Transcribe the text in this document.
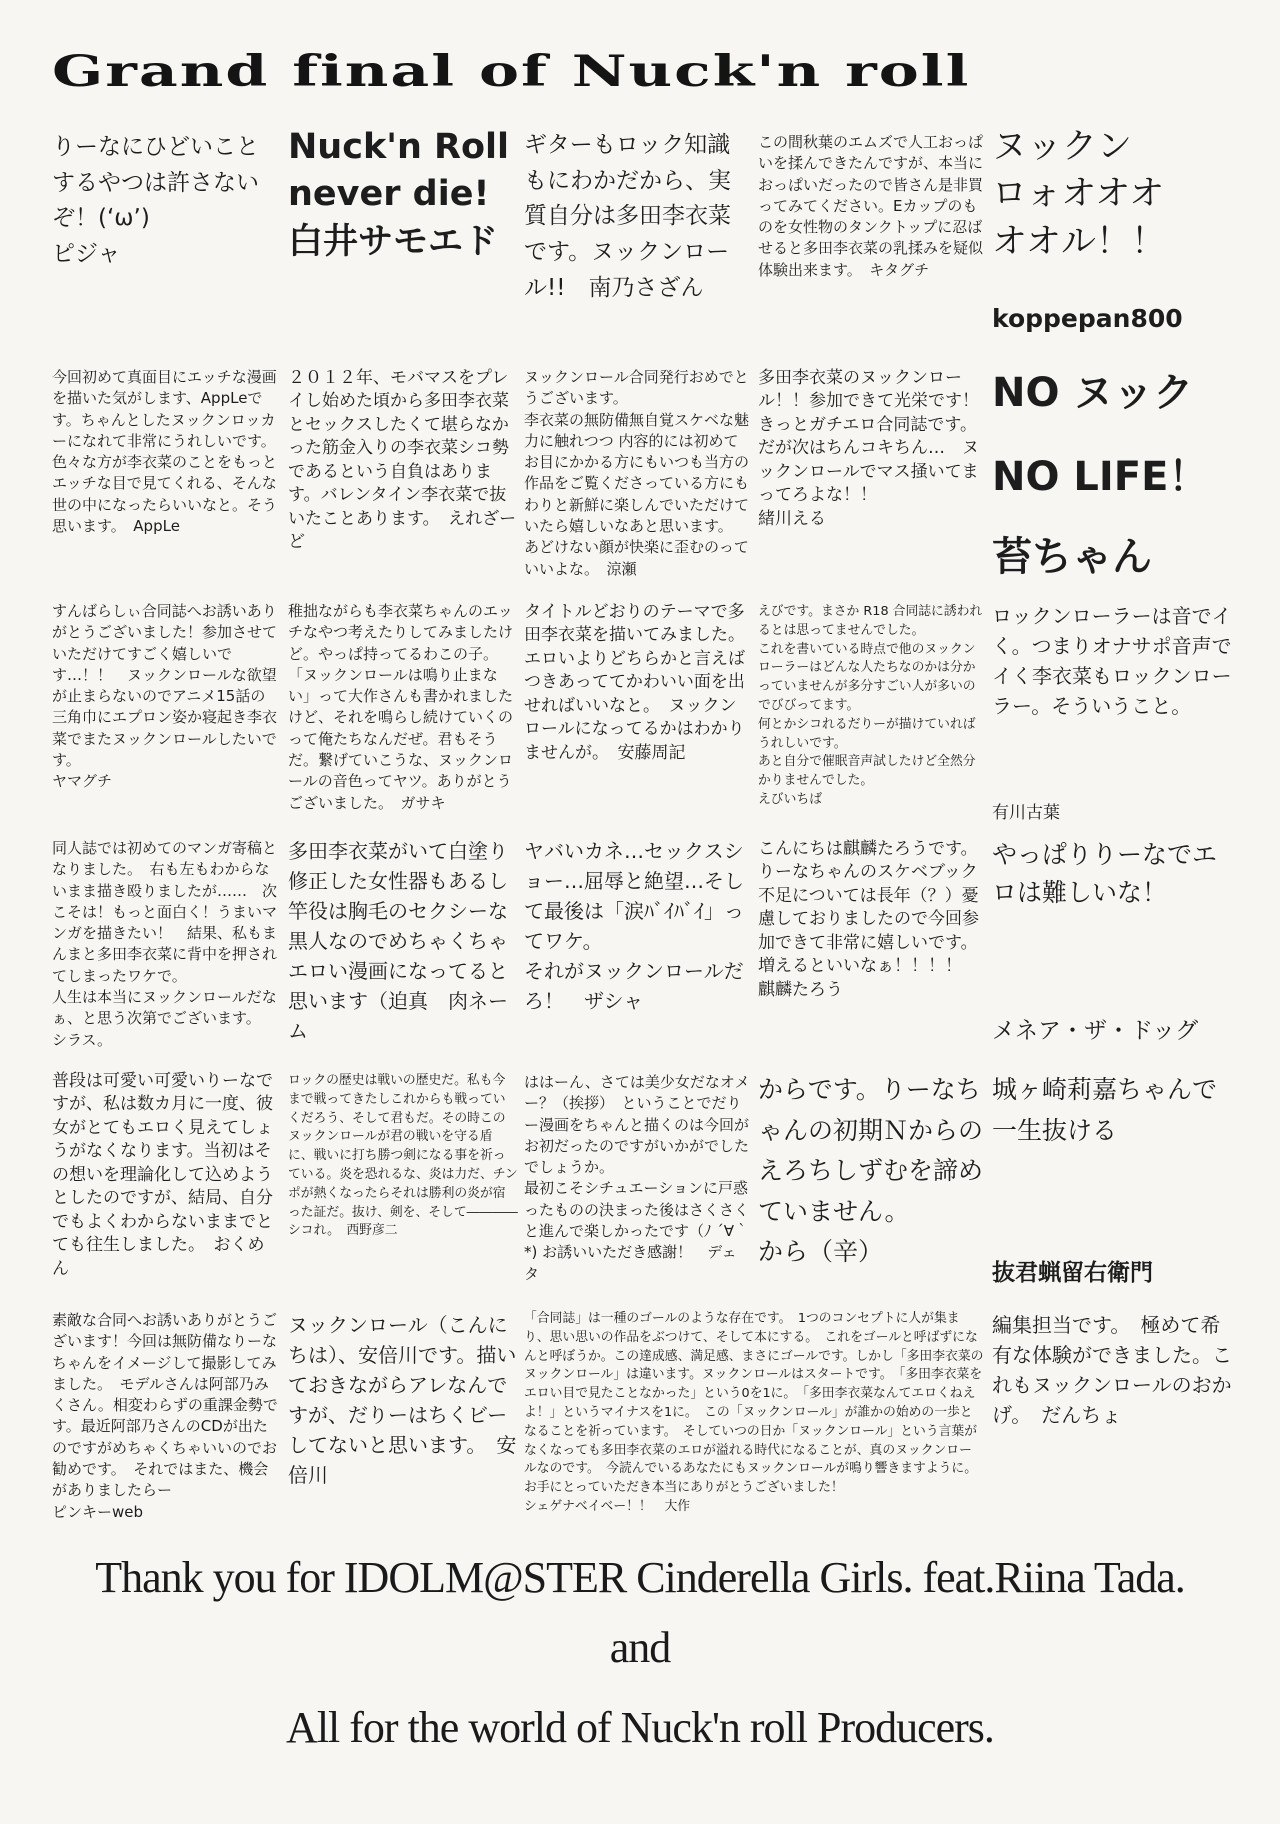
Grand final of Nuck'n roll
りーなにひどいことするやつは許さないぞ！(ʻωʼ)
ピジャ
Nuck'n Roll
never die!
白井サモエド
ギターもロック知識もにわかだから、実質自分は多田李衣菜です。ヌックンロール!!　南乃さざん
この間秋葉のエムズで人工おっぱいを揉んできたんですが、本当におっぱいだったので皆さん是非買ってみてください。Eカップのものを女性物のタンクトップに忍ばせると多田李衣菜の乳揉みを疑似体験出来ます。　キタグチ
ヌックン
ロォオオオ
オオル！！
koppepan800
今回初めて真面目にエッチな漫画を描いた気がします、AppLeです。ちゃんとしたヌックンロッカーになれて非常にうれしいです。色々な方が李衣菜のことをもっとエッチな目で見てくれる、そんな世の中になったらいいなと。そう思います。　AppLe
２０１２年、モバマスをプレイし始めた頃から多田李衣菜とセックスしたくて堪らなかった筋金入りの李衣菜シコ勢であるという自負はあります。バレンタイン李衣菜で抜いたことあります。　えれざーど
ヌックンロール合同発行おめでとうございます。
李衣菜の無防備無自覚スケベな魅力に触れつつ 内容的には初めてお目にかかる方にもいつも当方の作品をご覧くださっている方にもわりと新鮮に楽しんでいただけていたら嬉しいなあと思います。
あどけない顔が快楽に歪むのっていいよな。　涼瀬
多田李衣菜のヌックンロール！！参加できて光栄です！　きっとガチエロ合同誌です。だが次はちんコキちん…　ヌックンロールでマス掻いてまってろよな！！
緒川える
NO ヌック
NO LIFE！
苔ちゃん
すんばらしぃ合同誌へお誘いありがとうございました！参加させていただけてすごく嬉しいです…！！　ヌックンロールな欲望が止まらないのでアニメ15話の三角巾にエプロン姿か寝起き李衣菜でまたヌックンロールしたいです。
ヤマグチ
稚拙ながらも李衣菜ちゃんのエッチなやつ考えたりしてみましたけど。やっぱ持ってるわこの子。「ヌックンロールは鳴り止まない」って大作さんも書かれましたけど、それを鳴らし続けていくのって俺たちなんだぜ。君もそうだ。繋げていこうな、ヌックンロールの音色ってヤツ。ありがとうございました。　ガサキ
タイトルどおりのテーマで多田李衣菜を描いてみました。　エロいよりどちらかと言えばつきあっててかわいい面を出せればいいなと。　ヌックンロールになってるかはわかりませんが。　安藤周記
えびです。まさか R18 合同誌に誘われるとは思ってませんでした。
これを書いている時点で他のヌックンローラーはどんな人たちなのかは分かっていませんが多分すごい人が多いのでびびってます。
何とかシコれるだりーが描けていればうれしいです。
あと自分で催眠音声試したけど全然分かりませんでした。
えびいちば
ロックンローラーは音でイく。つまりオナサポ音声でイく李衣菜もロックンローラー。そういうこと。
有川古葉
同人誌では初めてのマンガ寄稿となりました。　右も左もわからないまま描き殴りましたが……　次こそは！もっと面白く！うまいマンガを描きたい！　結果、私もまんまと多田李衣菜に背中を押されてしまったワケで。
人生は本当にヌックンロールだなぁ、と思う次第でございます。　シラス。
多田李衣菜がいて白塗り修正した女性器もあるし竿役は胸毛のセクシーな黒人なのでめちゃくちゃエロい漫画になってると思います（迫真　肉ネーム
ヤバいカネ…セックスショー…屈辱と絶望…そして最後は「涙ﾊﾞｲﾊﾞｲ」ってワケ。
それがヌックンロールだろ！　ザシャ
こんにちは麒麟たろうです。りーなちゃんのスケベブック不足については長年（？）憂慮しておりましたので今回参加できて非常に嬉しいです。増えるといいなぁ！！！！
麒麟たろう
やっぱりりーなでエロは難しいな！
メネア・ザ・ドッグ
普段は可愛い可愛いりーなですが、私は数カ月に一度、彼女がとてもエロく見えてしょうがなくなります。当初はその想いを理論化して込めようとしたのですが、結局、自分でもよくわからないままでとても往生しました。　おくめん
ロックの歴史は戦いの歴史だ。私も今まで戦ってきたしこれからも戦っていくだろう、そして君もだ。その時このヌックンロールが君の戦いを守る盾に、戦いに打ち勝つ剣になる事を祈っている。炎を恐れるな、炎は力だ、チンポが熱くなったらそれは勝利の炎が宿った証だ。抜け、剣を、そして――――シコれ。　西野彦二
ははーん、さては美少女だなオメー？（挨拶）　ということでだりー漫画をちゃんと描くのは今回がお初だったのですがいかがでしたでしょうか。
最初こそシチュエーションに戸惑ったものの決まった後はさくさくと進んで楽しかったです（ﾉ ´∀｀*) お誘いいただき感謝！　デェタ
からです。りーなちゃんの初期Ｎからのえろちしずむを諦めていません。
から（辛）
城ヶ崎莉嘉ちゃんで一生抜ける
抜君蝋留右衛門
素敵な合同へお誘いありがとうございます！今回は無防備なりーなちゃんをイメージして撮影してみました。　モデルさんは阿部乃みくさん。相変わらずの重課金勢です。最近阿部乃さんのCDが出たのですがめちゃくちゃいいのでお勧めです。　それではまた、機会がありましたらー
ピンキーweb
ヌックンロール（こんにちは）、安倍川です。描いておきながらアレなんですが、だりーはちくビーしてないと思います。　安倍川
「合同誌」は一種のゴールのような存在です。　1つのコンセプトに人が集まり、思い思いの作品をぶつけて、そして本にする。　これをゴールと呼ばずになんと呼ぼうか。この達成感、満足感、まさにゴールです。しかし「多田李衣菜のヌックンロール」は違います。ヌックンロールはスタートです。　「多田李衣菜をエロい目で見たことなかった」という0を1に。　「多田李衣菜なんてエロくねえよ！」というマイナスを1に。　この「ヌックンロール」が誰かの始めの一歩となることを祈っています。　そしていつの日か「ヌックンロール」という言葉がなくなっても多田李衣菜のエロが溢れる時代になることが、真のヌックンロールなのです。　今読んでいるあなたにもヌックンロールが鳴り響きますように。　お手にとっていただき本当にありがとうございました！
シェゲナベイベー！！　大作
編集担当です。　極めて希有な体験ができました。これもヌックンロールのおかげ。　だんちょ
Thank you for IDOLM@STER Cinderella Girls. feat.Riina Tada.
and
All for the world of Nuck'n roll Producers.
